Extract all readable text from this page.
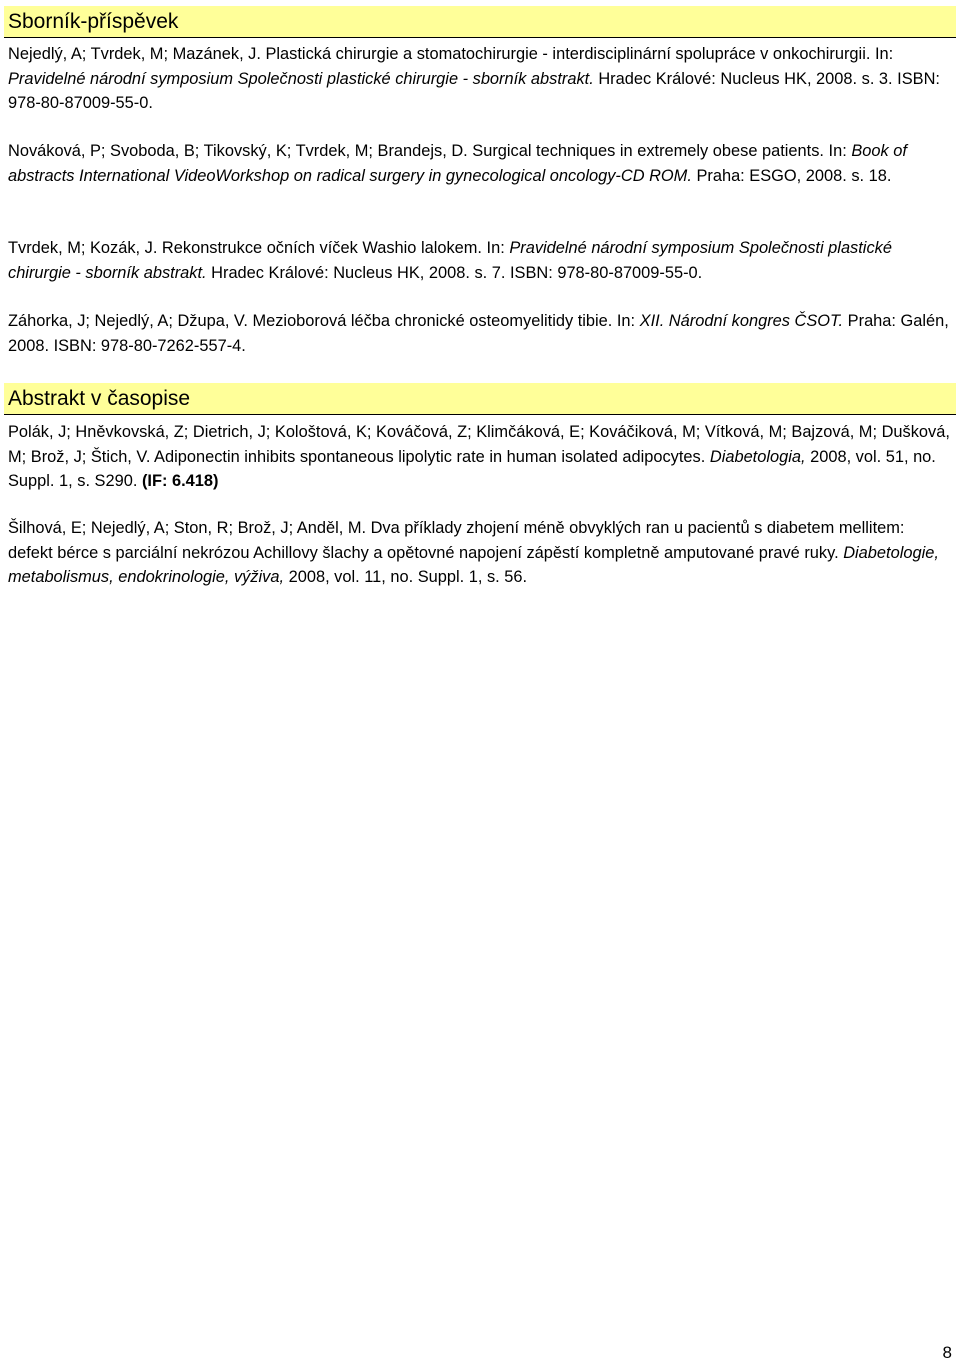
Sborník-příspěvek

Nejedlý, A; Tvrdek, M; Mazánek, J. Plastická chirurgie a stomatochirurgie - interdisciplinární spolupráce v onkochirurgii. In: Pravidelné národní symposium Společnosti plastické chirurgie - sborník abstrakt. Hradec Králové: Nucleus HK, 2008. s. 3. ISBN: 978-80-87009-55-0.

Nováková, P; Svoboda, B; Tikovský, K; Tvrdek, M; Brandejs, D. Surgical techniques in extremely obese patients. In: Book of abstracts International VideoWorkshop on radical surgery in gynecological oncology-CD ROM. Praha: ESGO, 2008. s. 18.

Tvrdek, M; Kozák, J. Rekonstrukce očních víček Washio lalokem. In: Pravidelné národní symposium Společnosti plastické chirurgie - sborník abstrakt. Hradec Králové: Nucleus HK, 2008. s. 7. ISBN: 978-80-87009-55-0.

Záhorka, J; Nejedlý, A; Džupa, V. Mezioborová léčba chronické osteomyelitidy tibie. In: XII. Národní kongres ČSOT. Praha: Galén, 2008. ISBN: 978-80-7262-557-4.

Abstrakt v časopise

Polák, J; Hněvkovská, Z; Dietrich, J; Kološtová, K; Kováčová, Z; Klimčáková, E; Kováčiková, M; Vítková, M; Bajzová, M; Dušková, M; Brož, J; Štich, V. Adiponectin inhibits spontaneous lipolytic rate in human isolated adipocytes. Diabetologia, 2008, vol. 51, no. Suppl. 1, s. S290. (IF: 6.418)

Šilhová, E; Nejedlý, A; Ston, R; Brož, J; Anděl, M. Dva příklady zhojení méně obvyklých ran u pacientů s diabetem mellitem: defekt bérce s parciální nekrózou Achillovy šlachy a opětovné napojení zápěstí kompletně amputované pravé ruky. Diabetologie, metabolismus, endokrinologie, výživa, 2008, vol. 11, no. Suppl. 1, s. 56.

8
